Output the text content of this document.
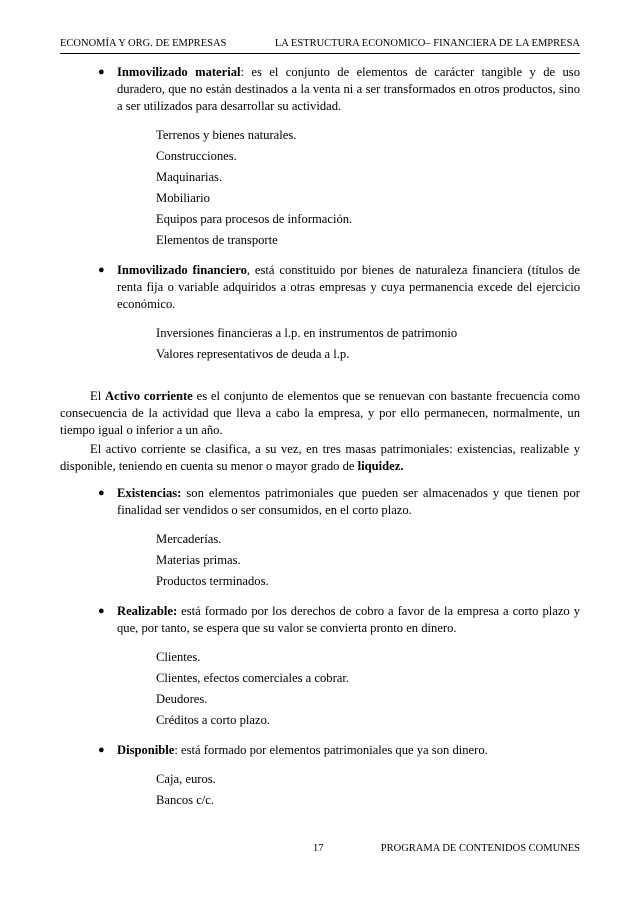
ECONOMÍA Y ORG. DE EMPRESAS	LA ESTRUCTURA ECONOMICO– FINANCIERA DE LA EMPRESA
●
Inmovilizado material: es el conjunto de elementos de carácter tangible y de uso duradero, que no están destinados a la venta ni a ser transformados en otros productos, sino a ser utilizados para desarrollar su actividad.
Terrenos y bienes naturales.
Construcciones.
Maquinarias.
Mobiliario
Equipos para procesos de información.
Elementos de transporte
●
Inmovilizado financiero, está constituido por bienes de naturaleza financiera (títulos de renta fija o variable adquiridos a otras empresas y cuya permanencia excede del ejercicio económico.
Inversiones financieras a l.p. en instrumentos de patrimonio
Valores representativos de deuda a l.p.
El Activo corriente es el conjunto de elementos que se renuevan con bastante frecuencia como consecuencia de la actividad que lleva a cabo la empresa, y por ello permanecen, normalmente, un tiempo igual o inferior a un año.
El activo corriente se clasifica, a su vez, en tres masas patrimoniales: existencias, realizable y disponible, teniendo en cuenta su menor o mayor grado de liquidez.
●
Existencias: son elementos patrimoniales que pueden ser almacenados y que tienen por finalidad ser vendidos o ser consumidos, en el corto plazo.
Mercaderías.
Materias primas.
Productos terminados.
●
Realizable: está formado por los derechos de cobro a favor de la empresa a corto plazo y que, por tanto, se espera que su valor se convierta pronto en dinero.
Clientes.
Clientes, efectos comerciales a cobrar.
Deudores.
Créditos a corto plazo.
●
Disponible: está formado por elementos patrimoniales que ya son dinero.
Caja, euros.
Bancos c/c.
17	PROGRAMA DE CONTENIDOS COMUNES
